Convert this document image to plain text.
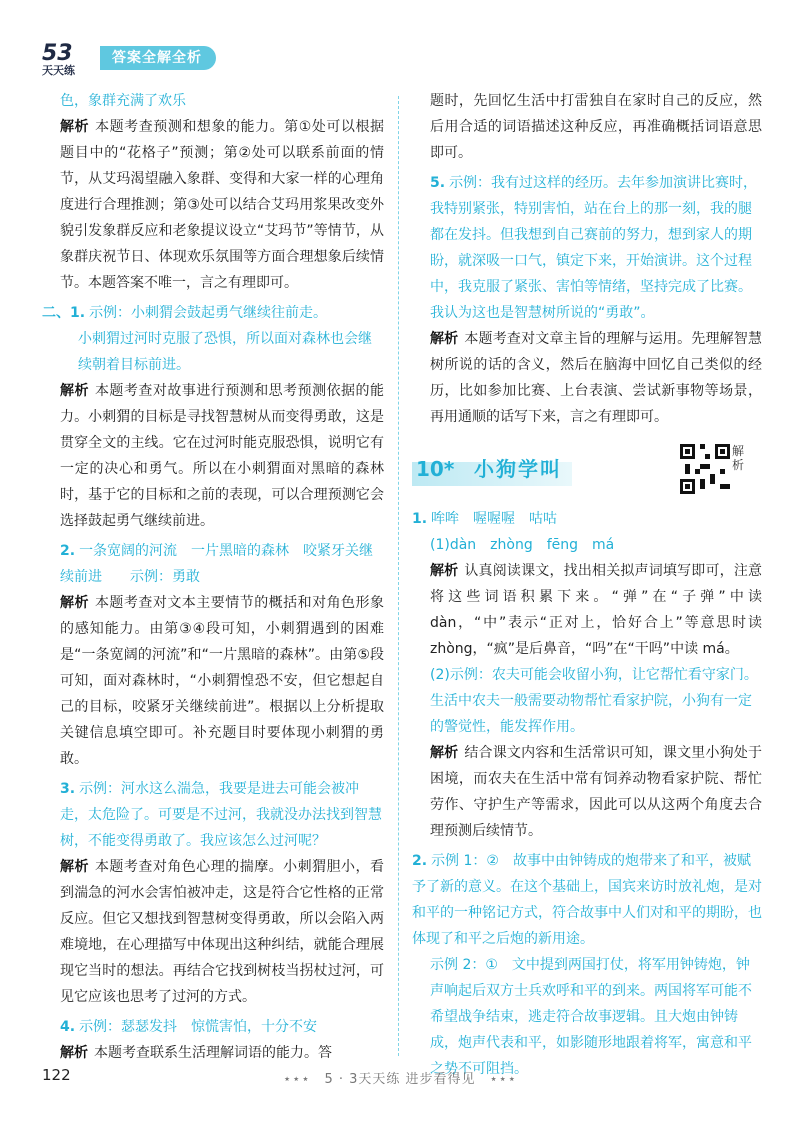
53
天天练
答案全解全析

色，象群充满了欢乐

解析 本题考查预测和想象的能力。第①处可以根据题目中的“花格子”预测；第②处可以联系前面的情节，从艾玛渴望融入象群、变得和大家一样的心理角度进行合理推测；第③处可以结合艾玛用浆果改变外貌引发象群反应和老象提议设立“艾玛节”等情节，从象群庆祝节日、体现欢乐氛围等方面合理想象后续情节。本题答案不唯一，言之有理即可。

二、1. 示例：小刺猬会鼓起勇气继续往前走。

小刺猬过河时克服了恐惧，所以面对森林也会继续朝着目标前进。

解析 本题考查对故事进行预测和思考预测依据的能力。小刺猬的目标是寻找智慧树从而变得勇敢，这是贯穿全文的主线。它在过河时能克服恐惧，说明它有一定的决心和勇气。所以在小刺猬面对黑暗的森林时，基于它的目标和之前的表现，可以合理预测它会选择鼓起勇气继续前进。

2. 一条宽阔的河流　一片黑暗的森林　咬紧牙关继续前进　　示例：勇敢

解析 本题考查对文本主要情节的概括和对角色形象的感知能力。由第③④段可知，小刺猬遇到的困难是“一条宽阔的河流”和“一片黑暗的森林”。由第⑤段可知，面对森林时，“小刺猬惶恐不安，但它想起自己的目标，咬紧牙关继续前进”。根据以上分析提取关键信息填空即可。补充题目时要体现小刺猬的勇敢。

3. 示例：河水这么湍急，我要是进去可能会被冲走，太危险了。可要是不过河，我就没办法找到智慧树，不能变得勇敢了。我应该怎么过河呢？

解析 本题考查对角色心理的揣摩。小刺猬胆小，看到湍急的河水会害怕被冲走，这是符合它性格的正常反应。但它又想找到智慧树变得勇敢，所以会陷入两难境地，在心理描写中体现出这种纠结，就能合理展现它当时的想法。再结合它找到树枝当拐杖过河，可见它应该也思考了过河的方式。

4. 示例：瑟瑟发抖　惊慌害怕，十分不安

解析 本题考查联系生活理解词语的能力。答

题时，先回忆生活中打雷独自在家时自己的反应，然后用合适的词语描述这种反应，再准确概括词语意思即可。

5. 示例：我有过这样的经历。去年参加演讲比赛时，我特别紧张，特别害怕，站在台上的那一刻，我的腿都在发抖。但我想到自己赛前的努力，想到家人的期盼，就深吸一口气，镇定下来，开始演讲。这个过程中，我克服了紧张、害怕等情绪，坚持完成了比赛。我认为这也是智慧树所说的“勇敢”。

解析 本题考查对文章主旨的理解与运用。先理解智慧树所说的话的含义，然后在脑海中回忆自己类似的经历，比如参加比赛、上台表演、尝试新事物等场景，再用通顺的话写下来，言之有理即可。

10* 小狗学叫
解析

1. 哞哞　喔喔喔　咕咕

(1)dàn　zhòng　fēng　má

解析 认真阅读课文，找出相关拟声词填写即可，注意将这些词语积累下来。“弹”在“子弹”中读 dàn，“中”表示“正对上，恰好合上”等意思时读 zhòng，“疯”是后鼻音，“吗”在“干吗”中读 má。

(2)示例：农夫可能会收留小狗，让它帮忙看守家门。　生活中农夫一般需要动物帮忙看家护院，小狗有一定的警觉性，能发挥作用。

解析 结合课文内容和生活常识可知，课文里小狗处于困境，而农夫在生活中常有饲养动物看家护院、帮忙劳作、守护生产等需求，因此可以从这两个角度去合理预测后续情节。

2. 示例 1：②　故事中由钟铸成的炮带来了和平，被赋予了新的意义。在这个基础上，国宾来访时放礼炮，是对和平的一种铭记方式，符合故事中人们对和平的期盼，也体现了和平之后炮的新用途。

示例 2：①　文中提到两国打仗，将军用钟铸炮，钟声响起后双方士兵欢呼和平的到来。两国将军可能不希望战争结束，逃走符合故事逻辑。且大炮由钟铸成，炮声代表和平，如影随形地跟着将军，寓意和平之势不可阻挡。

122	⋆⋆⋆　5 · 3天天练 进步看得见　⋆⋆⋆
